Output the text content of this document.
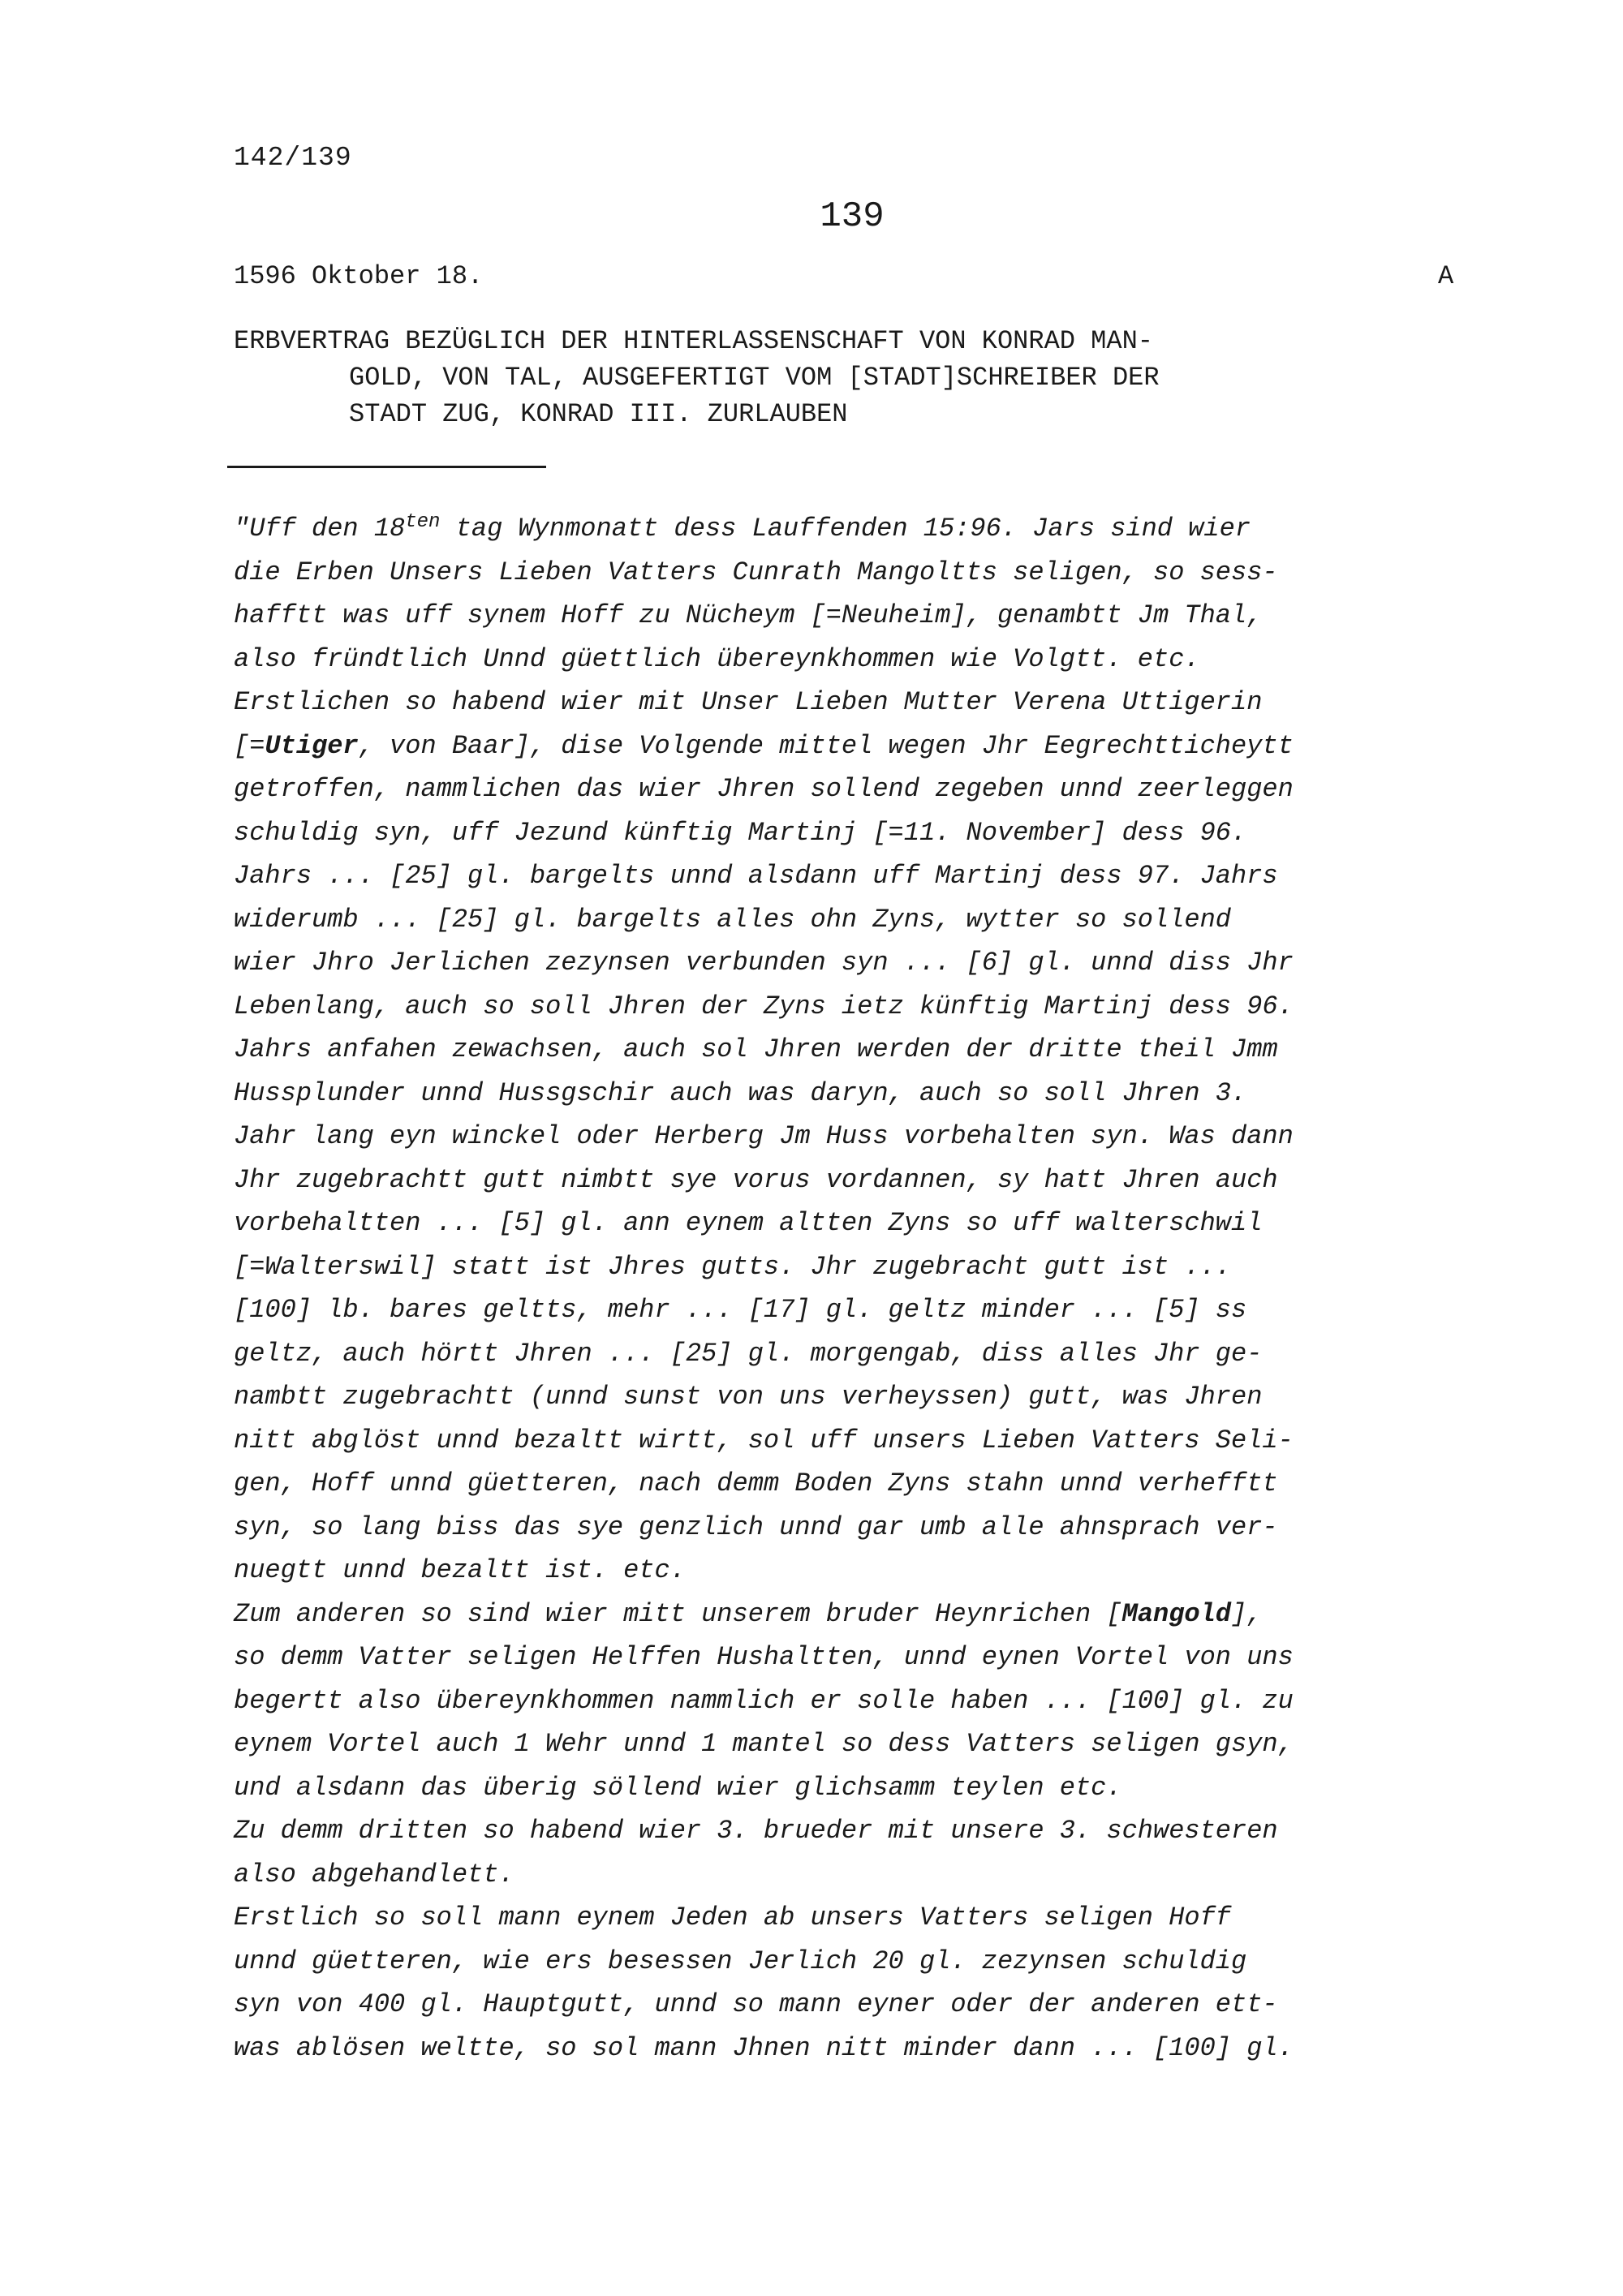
142/139
139
1596 Oktober 18.	A
ERBVERTRAG BEZÜGLICH DER HINTERLASSENSCHAFT VON KONRAD MAN-
GOLD, VON TAL, AUSGEFERTIGT VOM [STADT]SCHREIBER DER
STADT ZUG, KONRAD III. ZURLAUBEN
"Uff den $18^{ten}$ tag Wynmonatt dess Lauffenden 15:96. Jars sind wier
die Erben Unsers Lieben Vatters Cunrath Mangoltts seligen, so sess-
hafftt was uff synem Hoff zu Nücheym [=Neuheim], genambtt Jm Thal,
also fründtlich Unnd güettlich übereynkhommen wie Volgtt. etc.
Erstlichen so habend wier mit Unser Lieben Mutter Verena Uttigerin
[=Utiger, von Baar], dise Volgende mittel wegen Jhr Eegrechtticheytt
getroffen, nammlichen das wier Jhren sollend zegeben unnd zeerleggen
schuldig syn, uff Jezund künftig Martinj [=11. November] dess 96.
Jahrs ... [25] gl. bargelts unnd alsdann uff Martinj dess 97. Jahrs
widerumb ... [25] gl. bargelts alles ohn Zyns, wytter so sollend
wier Jhro Jerlichen zezynsen verbunden syn ... [6] gl. unnd diss Jhr
Lebenlang, auch so soll Jhren der Zyns ietz künftig Martinj dess 96.
Jahrs anfahen zewachsen, auch sol Jhren werden der dritte theil Jmm
Hussplunder unnd Hussgschir auch was daryn, auch so soll Jhren 3.
Jahr lang eyn winckel oder Herberg Jm Huss vorbehalten syn. Was dann
Jhr zugebrachtt gutt nimbtt sye vorus vordannen, sy hatt Jhren auch
vorbehaltten ... [5] gl. ann eynem altten Zyns so uff walterschwil
[=Walterswil] statt ist Jhres gutts. Jhr zugebracht gutt ist ...
[100] lb. bares geltts, mehr ... [17] gl. geltz minder ... [5] ss
geltz, auch hörtt Jhren ... [25] gl. morgengab, diss alles Jhr ge-
nambtt zugebrachtt (unnd sunst von uns verheyssen) gutt, was Jhren
nitt abglöst unnd bezaltt wirtt, sol uff unsers Lieben Vatters Seli-
gen, Hoff unnd güetteren, nach demm Boden Zyns stahn unnd verhefftt
syn, so lang biss das sye genzlich unnd gar umb alle ahnsprach ver-
nuegtt unnd bezaltt ist. etc.
Zum anderen so sind wier mitt unserem bruder Heynrichen [Mangold],
so demm Vatter seligen Helffen Hushaltten, unnd eynen Vortel von uns
begertt also übereynkhommen nammlich er solle haben ... [100] gl. zu
eynem Vortel auch 1 Wehr unnd 1 mantel so dess Vatters seligen gsyn,
und alsdann das überig söllend wier glichsamm teylen etc.
Zu demm dritten so habend wier 3. brueder mit unsere 3. schwesteren
also abgehandlett.
Erstlich so soll mann eynem Jeden ab unsers Vatters seligen Hoff
unnd güetteren, wie ers besessen Jerlich 20 gl. zezynsen schuldig
syn von 400 gl. Hauptgutt, unnd so mann eyner oder der anderen ett-
was ablösen weltte, so sol mann Jhnen nitt minder dann ... [100] gl.
